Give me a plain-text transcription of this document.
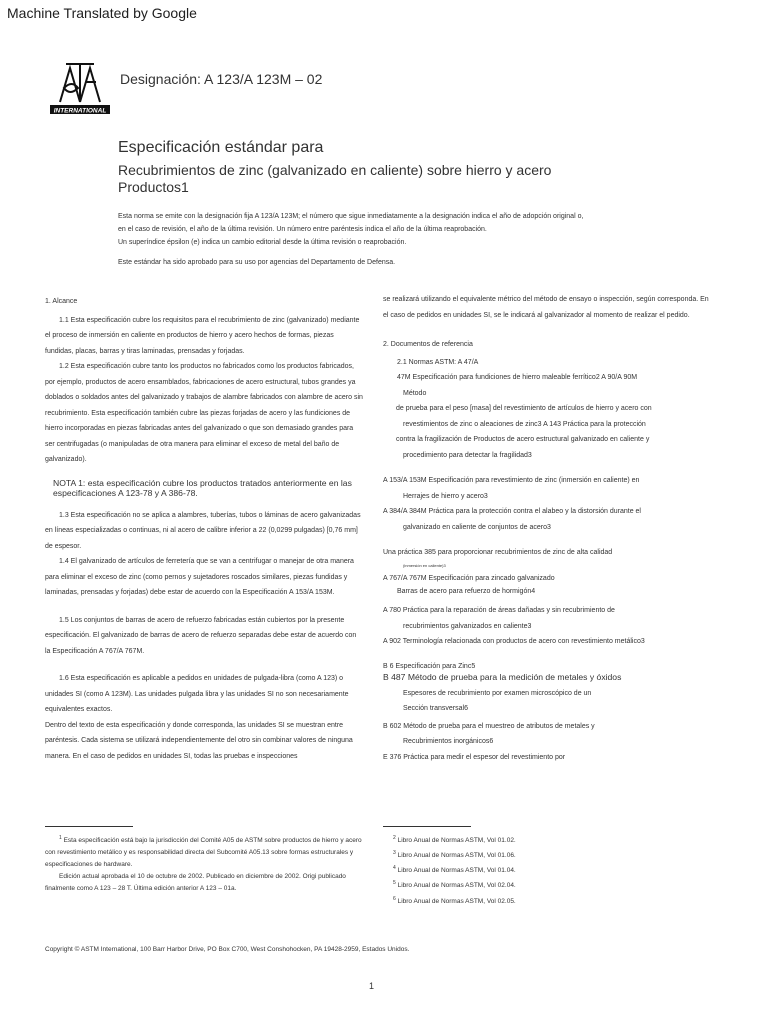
Machine Translated by Google
INTERNATIONAL
Designación: A 123/A 123M – 02
Especificación estándar para
Recubrimientos de zinc (galvanizado en caliente) sobre hierro y acero
Productos1
Esta norma se emite con la designación fija A 123/A 123M; el número que sigue inmediatamente a la designación indica el año de adopción original o,
en el caso de revisión, el año de la última revisión. Un número entre paréntesis indica el año de la última reaprobación.
Un superíndice épsilon (e) indica un cambio editorial desde la última revisión o reaprobación.
Este estándar ha sido aprobado para su uso por agencias del Departamento de Defensa.

1. Alcance

1.1 Esta especificación cubre los requisitos para el recubrimiento de zinc (galvanizado) mediante el proceso de inmersión en caliente en productos de hierro y acero hechos de formas, piezas fundidas, placas, barras y tiras laminadas, prensadas y forjadas.

1.2 Esta especificación cubre tanto los productos no fabricados como los productos fabricados, por ejemplo, productos de acero ensamblados, fabricaciones de acero estructural, tubos grandes ya doblados o soldados antes del galvanizado y trabajos de alambre fabricados con alambre de acero sin recubrimiento. Esta especificación también cubre las piezas forjadas de acero y las fundiciones de hierro incorporadas en piezas fabricadas antes del galvanizado o que son demasiado grandes para ser centrifugadas (o manipuladas de otra manera para eliminar el exceso de metal del baño de galvanizado).

NOTA 1: esta especificación cubre los productos tratados anteriormente en las especificaciones A 123-78 y A 386-78.

1.3 Esta especificación no se aplica a alambres, tuberías, tubos o láminas de acero galvanizadas en líneas especializadas o continuas, ni al acero de calibre inferior a 22 (0,0299 pulgadas) [0,76 mm] de espesor.

1.4 El galvanizado de artículos de ferretería que se van a centrifugar o manejar de otra manera para eliminar el exceso de zinc (como pernos y sujetadores roscados similares, piezas fundidas y laminadas, prensadas y forjadas) debe estar de acuerdo con la Especificación A 153/A 153M.

1.5 Los conjuntos de barras de acero de refuerzo fabricadas están cubiertos por la presente especificación. El galvanizado de barras de acero de refuerzo separadas debe estar de acuerdo con la Especificación A 767/A 767M.

1.6 Esta especificación es aplicable a pedidos en unidades de pulgada-libra (como A 123) o unidades SI (como A 123M). Las unidades pulgada libra y las unidades SI no son necesariamente equivalentes exactos.

Dentro del texto de esta especificación y donde corresponda, las unidades SI se muestran entre paréntesis. Cada sistema se utilizará independientemente del otro sin combinar valores de ninguna manera. En el caso de pedidos en unidades SI, todas las pruebas e inspecciones

se realizará utilizando el equivalente métrico del método de ensayo o inspección, según corresponda. En el caso de pedidos en unidades SI, se le indicará al galvanizador al momento de realizar el pedido.

2. Documentos de referencia

2.1 Normas ASTM: A 47/A

47M Especificación para fundiciones de hierro maleable ferrítico2 A 90/A 90M

Método

de prueba para el peso [masa] del revestimiento de artículos de hierro y acero con

revestimientos de zinc o aleaciones de zinc3 A 143 Práctica para la protección

contra la fragilización de Productos de acero estructural galvanizado en caliente y

procedimiento para detectar la fragilidad3

A 153/A 153M Especificación para revestimiento de zinc (inmersión en caliente) en

Herrajes de hierro y acero3

A 384/A 384M Práctica para la protección contra el alabeo y la distorsión durante el

galvanizado en caliente de conjuntos de acero3

Una práctica 385 para proporcionar recubrimientos de zinc de alta calidad

(inmersión en caliente)3

A 767/A 767M Especificación para zincado galvanizado

Barras de acero para refuerzo de hormigón4

A 780 Práctica para la reparación de áreas dañadas y sin recubrimiento de

recubrimientos galvanizados en caliente3

A 902 Terminología relacionada con productos de acero con revestimiento metálico3

B 6 Especificación para Zinc5

B 487 Método de prueba para la medición de metales y óxidos

Espesores de recubrimiento por examen microscópico de un

Sección transversal6

B 602 Método de prueba para el muestreo de atributos de metales y

Recubrimientos inorgánicos6

E 376 Práctica para medir el espesor del revestimiento por

$^1$ Esta especificación está bajo la jurisdicción del Comité A05 de ASTM sobre productos de hierro y acero con revestimiento metálico y es responsabilidad directa del Subcomité A05.13 sobre formas estructurales y especificaciones de hardware.
Edición actual aprobada el 10 de octubre de 2002. Publicado en diciembre de 2002. Origi publicado finalmente como A 123 – 28 T. Última edición anterior A 123 – 01a.
$^2$ Libro Anual de Normas ASTM, Vol 01.02.
$^3$ Libro Anual de Normas ASTM, Vol 01.06.
$^4$ Libro Anual de Normas ASTM, Vol 01.04.
$^5$ Libro Anual de Normas ASTM, Vol 02.04.
$^6$ Libro Anual de Normas ASTM, Vol 02.05.
Copyright © ASTM International, 100 Barr Harbor Drive, PO Box C700, West Conshohocken, PA 19428-2959, Estados Unidos.
1
